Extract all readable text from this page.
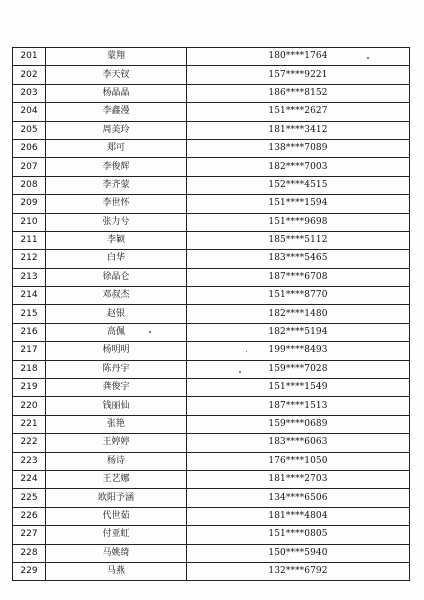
201	蒙翔	180****1764
202	李天钗	157****9221
203	杨晶晶	186****8152
204	李鑫漫	151****2627
205	周美玲	181****3412
206	郑可	138****7089
207	李俊辉	182****7003
208	李齐蒙	152****4515
209	李世怀	151****1594
210	张力兮	151****9698
211	李颖	185****5112
212	白华	183****5465
213	徐晶仑	187****6708
214	邓叔杰	151****8770
215	赵银	182****1480
216	高佩	182****5194
217	杨明明	199****8493
218	陈丹宇	159****7028
219	龚俊宇	151****1549
220	钱丽仙	187****1513
221	张艳	159****0689
222	王婷婷	183****6063
223	杨诗	176****1050
224	王艺娜	181****2703
225	欧阳予涵	134****6506
226	代世茹	181****4804
227	付亚虹	151****0805
228	马姚绮	150****5940
229	马燕	132****6792
